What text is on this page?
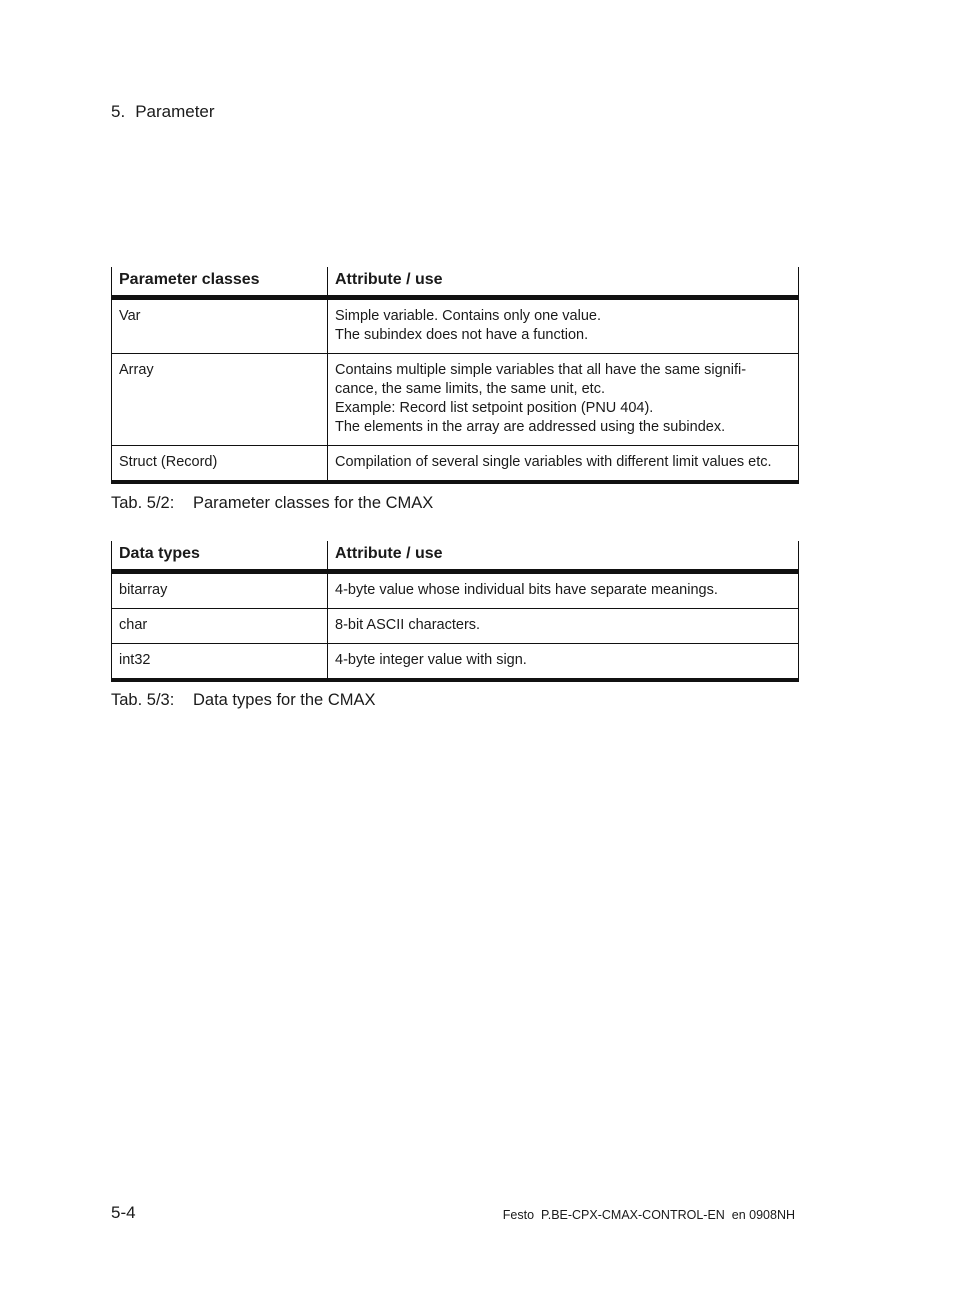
5. Parameter
Parameter classes	Attribute / use
Var	Simple variable. Contains only one value.
The subindex does not have a function.

Array	Contains multiple simple variables that all have the same signifi-
cance, the same limits, the same unit, etc.
Example: Record list setpoint position (PNU 404).
The elements in the array are addressed using the subindex.

Struct (Record)	Compilation of several single variables with different limit values etc.
Tab. 5/2: Parameter classes for the CMAX
Data types	Attribute / use
bitarray	4-byte value whose individual bits have separate meanings.
char	8-bit ASCII characters.
int32	4-byte integer value with sign.
Tab. 5/3: Data types for the CMAX
5-4	Festo  P.BE-CPX-CMAX-CONTROL-EN  en 0908NH
